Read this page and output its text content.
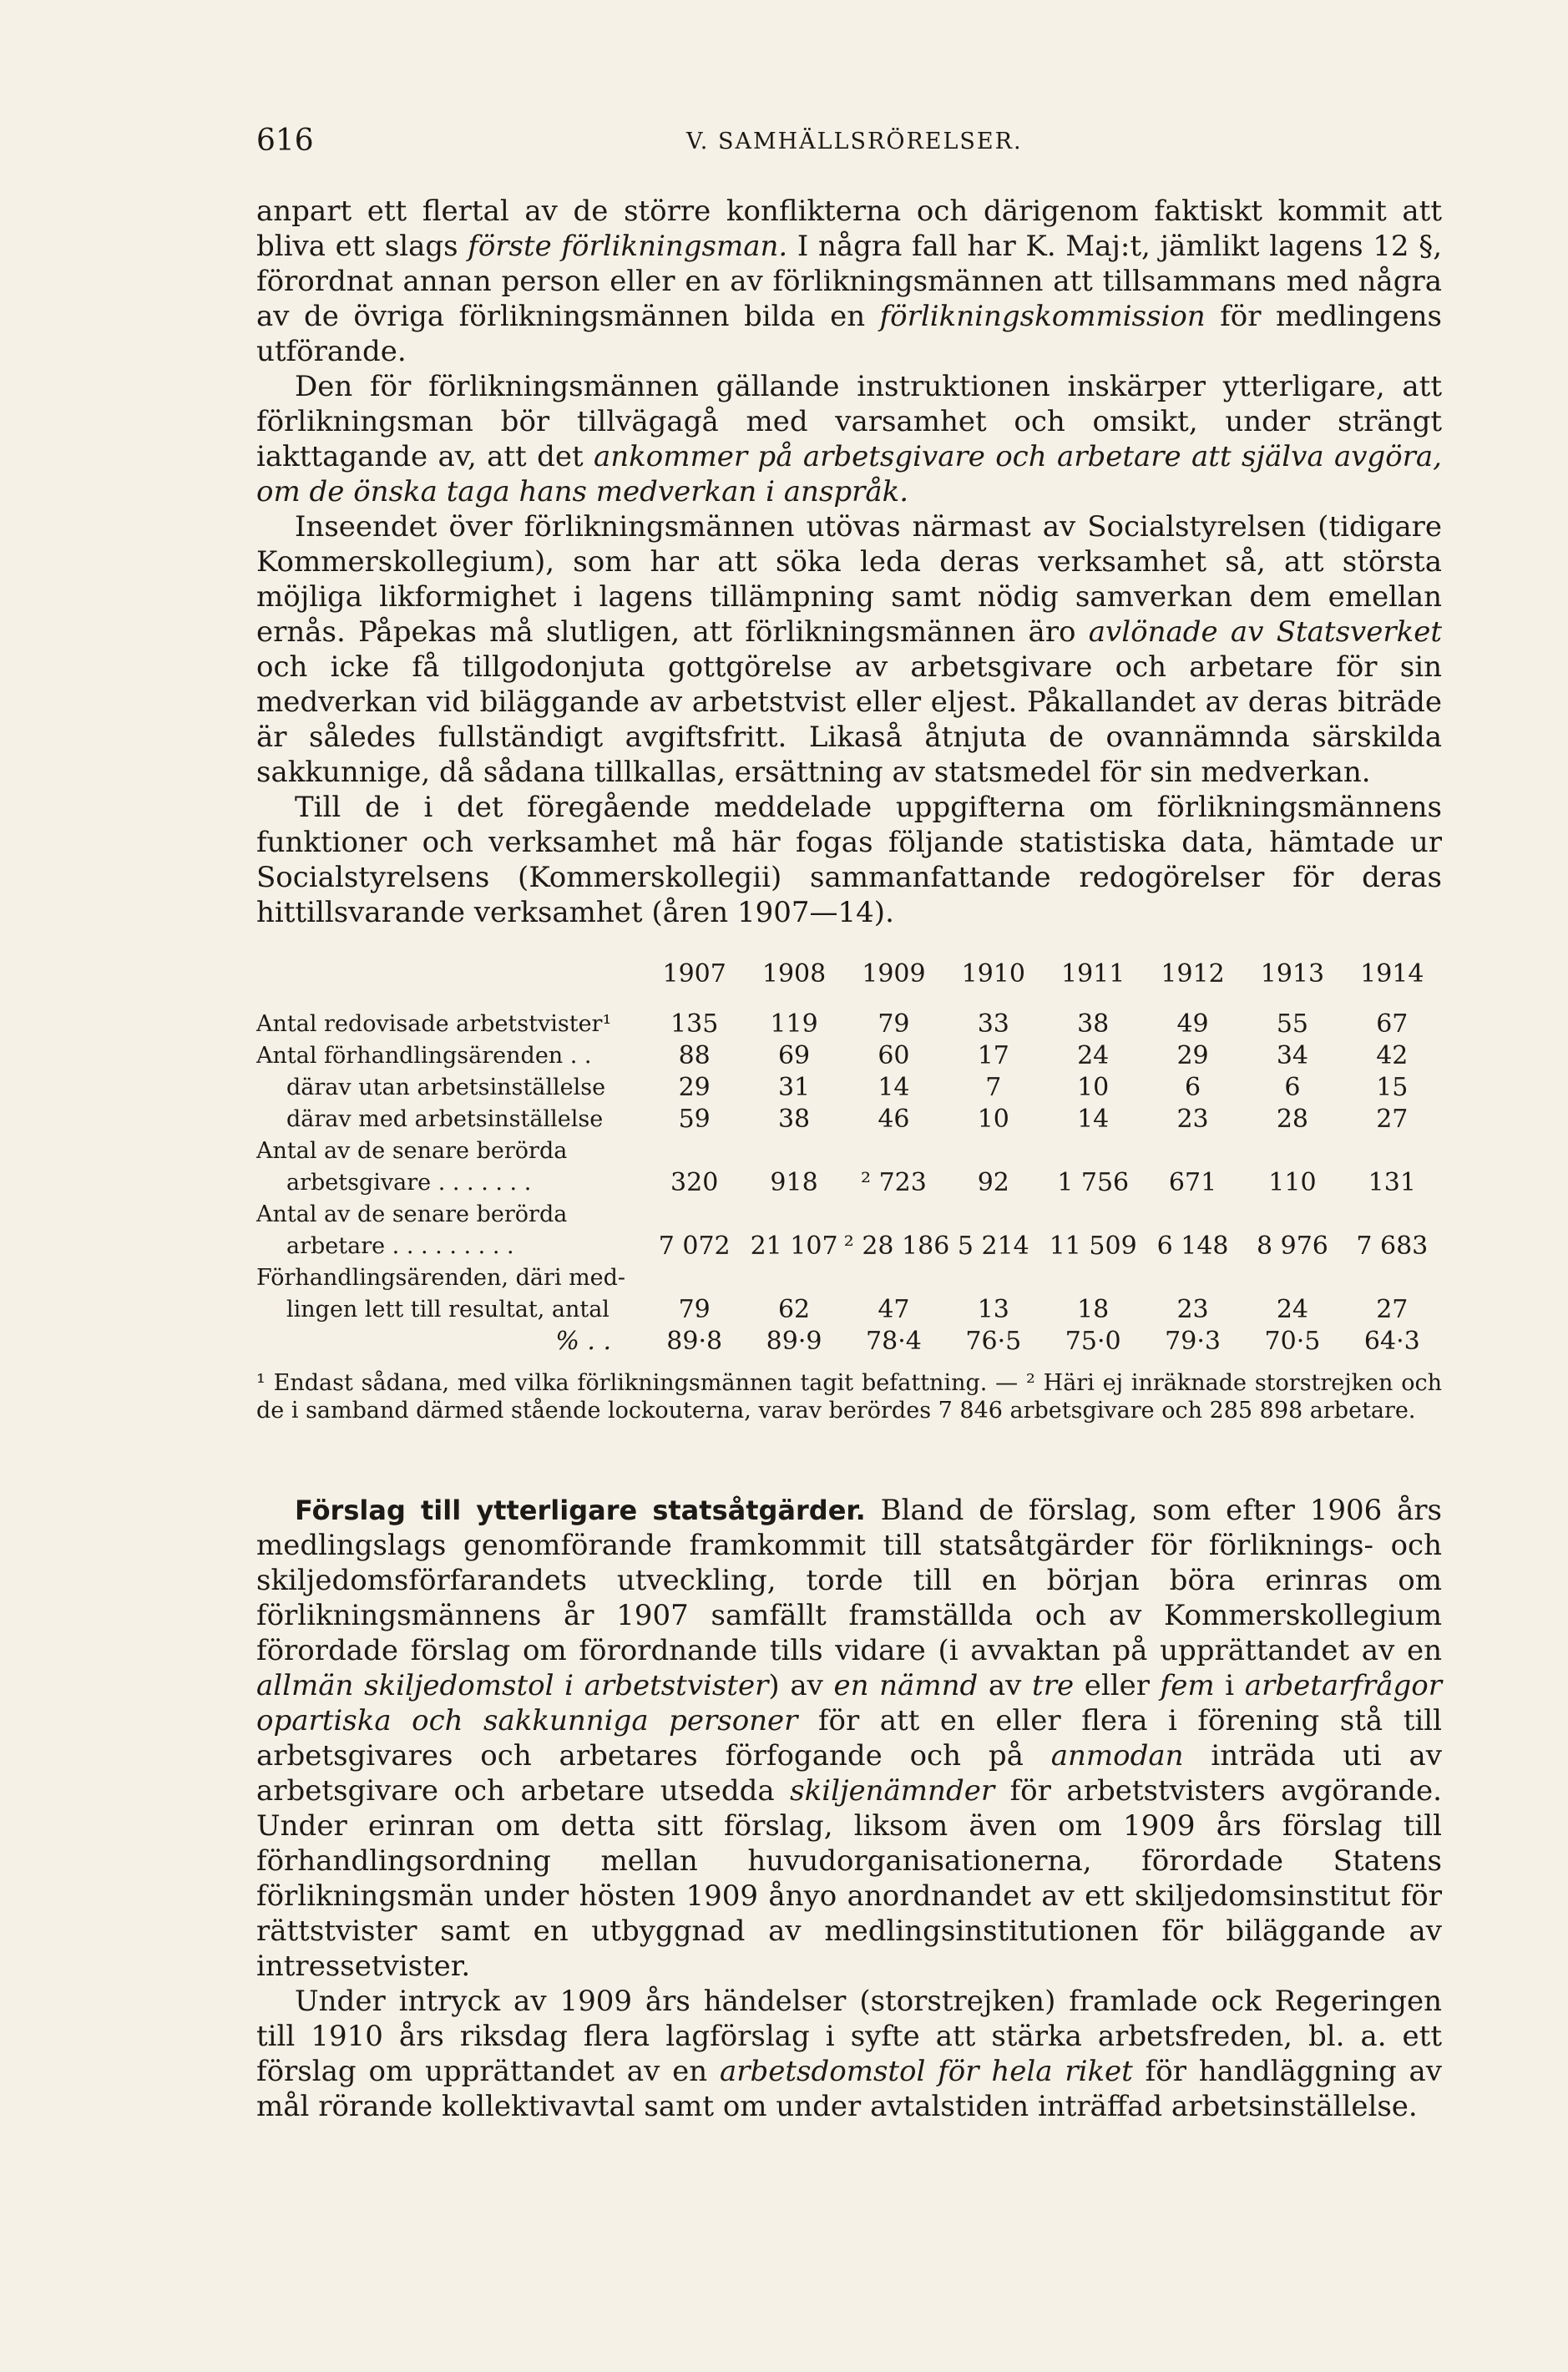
616	V. SAMHÄLLSRÖRELSER.

anpart ett flertal av de större konflikterna och därigenom faktiskt kommit att bliva ett slags förste förlikningsman. I några fall har K. Maj:t, jämlikt lagens 12 §, förordnat annan person eller en av förlikningsmännen att tillsammans med några av de övriga förlikningsmännen bilda en förlikningskommission för medlingens utförande.

Den för förlikningsmännen gällande instruktionen inskärper ytterligare, att förlikningsman bör tillvägagå med varsamhet och omsikt, under strängt iakttagande av, att det ankommer på arbetsgivare och arbetare att själva avgöra, om de önska taga hans medverkan i anspråk.

Inseendet över förlikningsmännen utövas närmast av Socialstyrelsen (tidigare Kommerskollegium), som har att söka leda deras verksamhet så, att största möjliga likformighet i lagens tillämpning samt nödig samverkan dem emellan ernås. Påpekas må slutligen, att förlikningsmännen äro avlönade av Statsverket och icke få tillgodonjuta gottgörelse av arbetsgivare och arbetare för sin medverkan vid biläggande av arbetstvist eller eljest. Påkallandet av deras biträde är således fullständigt avgiftsfritt. Likaså åtnjuta de ovannämnda särskilda sakkunnige, då sådana tillkallas, ersättning av statsmedel för sin medverkan.

Till de i det föregående meddelade uppgifterna om förlikningsmännens funktioner och verksamhet må här fogas följande statistiska data, hämtade ur Socialstyrelsens (Kommerskollegii) sammanfattande redogörelser för deras hittillsvarande verksamhet (åren 1907—14).

	1907	1908	1909	1910	1911	1912	1913	1914
Antal redovisade arbetstvister¹	135	119	79	33	38	49	55	67
Antal förhandlingsärenden . .	88	69	60	17	24	29	34	42
därav utan arbetsinställelse	29	31	14	7	10	6	6	15
därav med arbetsinställelse	59	38	46	10	14	23	28	27
Antal av de senare berörda								
arbetsgivare . . . . . . .	320	918	² 723	92	1 756	671	110	131
Antal av de senare berörda								
arbetare . . . . . . . . .	7 072	21 107	² 28 186	5 214	11 509	6 148	8 976	7 683
Förhandlingsärenden, däri med-								
lingen lett till resultat, antal	79	62	47	13	18	23	24	27

% . .	89·8	89·9	78·4	76·5	75·0	79·3	70·5	64·3

¹ Endast sådana, med vilka förlikningsmännen tagit befattning. — ² Häri ej inräknade storstrejken och de i samband därmed stående lockouterna, varav berördes 7 846 arbetsgivare och 285 898 arbetare.

Förslag till ytterligare statsåtgärder. Bland de förslag, som efter 1906 års medlingslags genomförande framkommit till statsåtgärder för förliknings- och skiljedomsförfarandets utveckling, torde till en början böra erinras om förlikningsmännens år 1907 samfällt framställda och av Kommerskollegium förordade förslag om förordnande tills vidare (i avvaktan på upprättandet av en allmän skiljedomstol i arbetstvister) av en nämnd av tre eller fem i arbetarfrågor opartiska och sakkunniga personer för att en eller flera i förening stå till arbetsgivares och arbetares förfogande och på anmodan inträda uti av arbetsgivare och arbetare utsedda skiljenämnder för arbetstvisters avgörande. Under erinran om detta sitt förslag, liksom även om 1909 års förslag till förhandlingsordning mellan huvudorganisationerna, förordade Statens förlikningsmän under hösten 1909 ånyo anordnandet av ett skiljedomsinstitut för rättstvister samt en utbyggnad av medlingsinstitutionen för biläggande av intressetvister.

Under intryck av 1909 års händelser (storstrejken) framlade ock Regeringen till 1910 års riksdag flera lagförslag i syfte att stärka arbetsfreden, bl. a. ett förslag om upprättandet av en arbetsdomstol för hela riket för handläggning av mål rörande kollektivavtal samt om under avtalstiden inträffad arbetsinställelse.
